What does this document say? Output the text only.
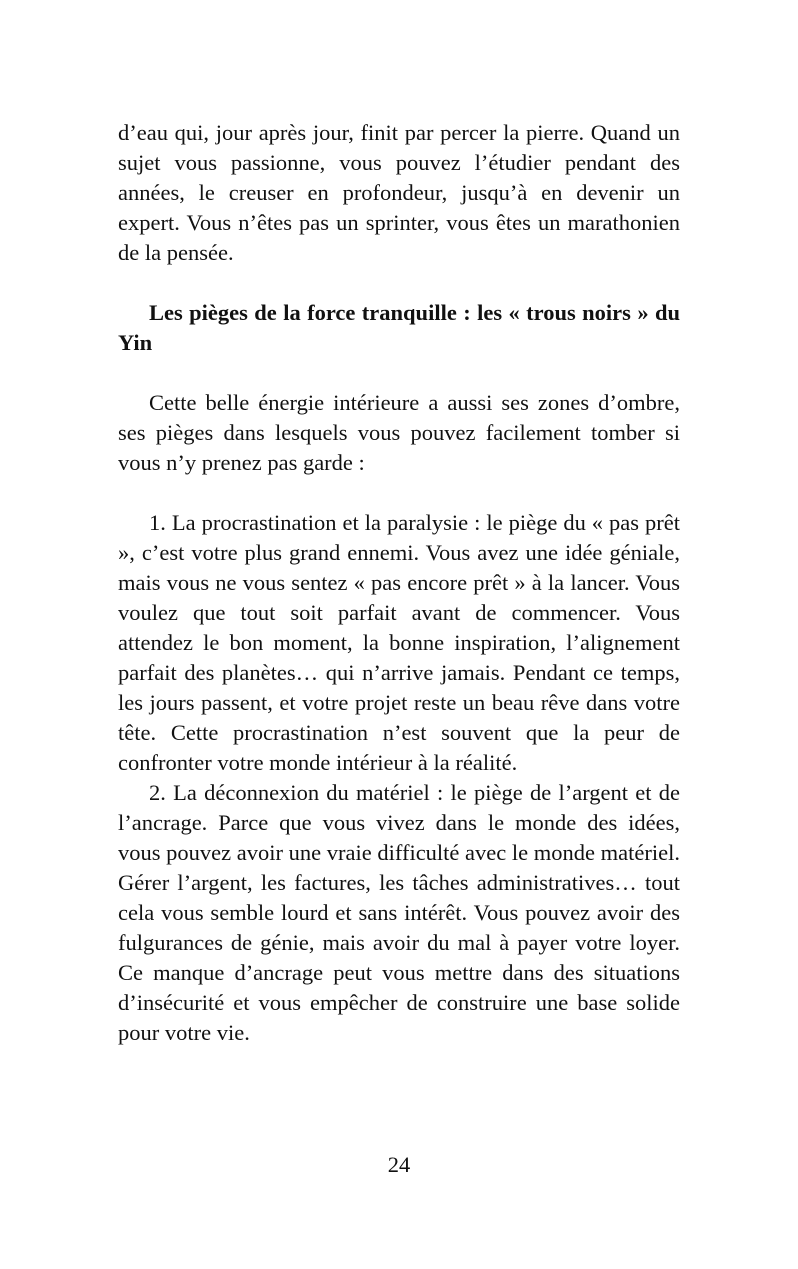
d’eau qui, jour après jour, finit par percer la pierre. Quand un sujet vous passionne, vous pouvez l’étudier pendant des années, le creuser en profondeur, jusqu’à en devenir un expert. Vous n’êtes pas un sprinter, vous êtes un marathonien de la pensée.

Les pièges de la force tranquille : les « trous noirs » du Yin

Cette belle énergie intérieure a aussi ses zones d’ombre, ses pièges dans lesquels vous pouvez facilement tomber si vous n’y prenez pas garde :

1. La procrastination et la paralysie : le piège du « pas prêt », c’est votre plus grand ennemi. Vous avez une idée géniale, mais vous ne vous sentez « pas encore prêt » à la lancer. Vous voulez que tout soit parfait avant de commencer. Vous attendez le bon moment, la bonne inspiration, l’alignement parfait des planètes… qui n’arrive jamais. Pendant ce temps, les jours passent, et votre projet reste un beau rêve dans votre tête. Cette procrastination n’est souvent que la peur de confronter votre monde intérieur à la réalité.

2. La déconnexion du matériel : le piège de l’argent et de l’ancrage. Parce que vous vivez dans le monde des idées, vous pouvez avoir une vraie difficulté avec le monde matériel. Gérer l’argent, les factures, les tâches administratives… tout cela vous semble lourd et sans intérêt. Vous pouvez avoir des fulgurances de génie, mais avoir du mal à payer votre loyer. Ce manque d’ancrage peut vous mettre dans des situations d’insécurité et vous empêcher de construire une base solide pour votre vie.

24
